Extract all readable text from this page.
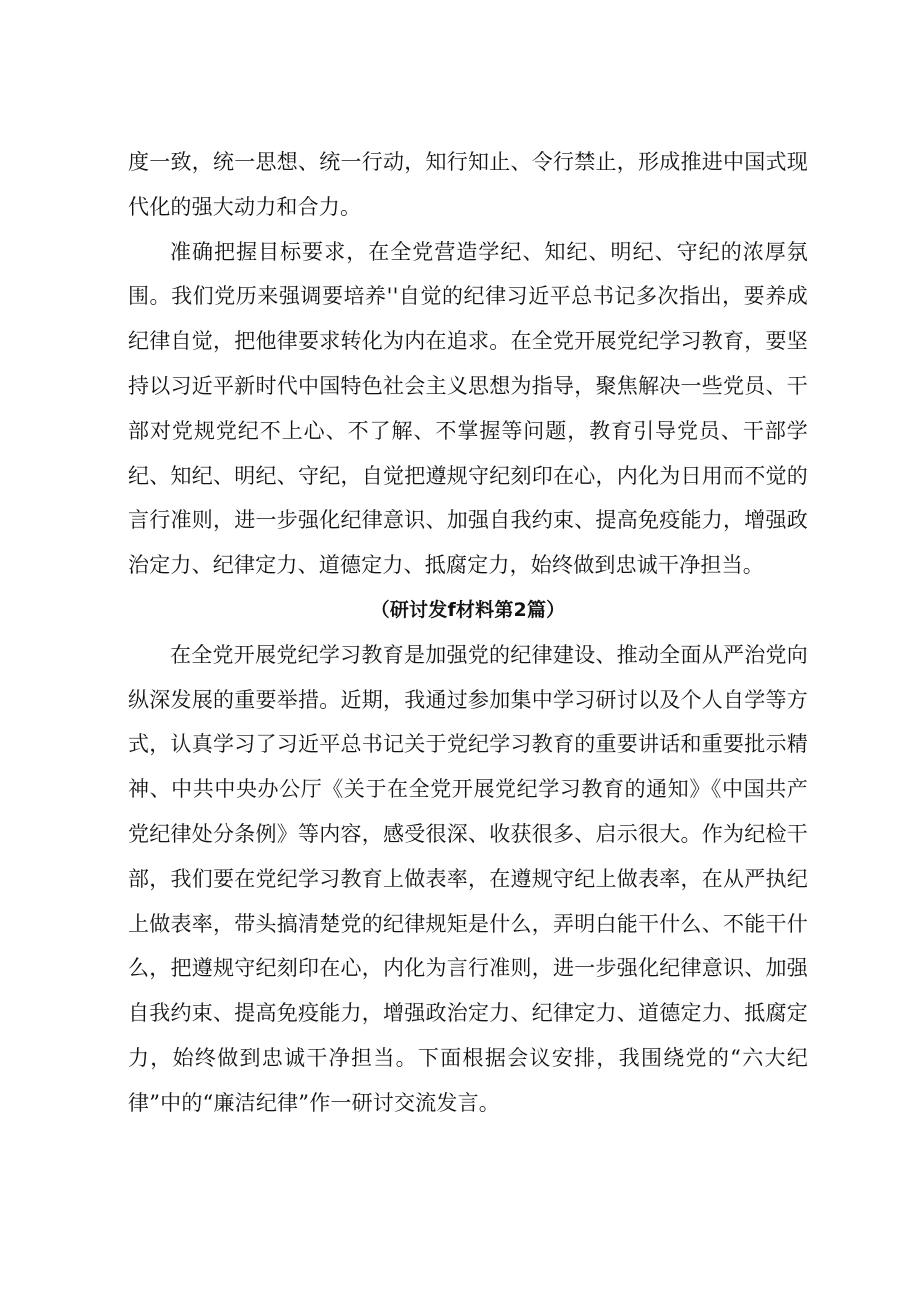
度一致，统一思想、统一行动，知行知止、令行禁止，形成推进中国式现代化的强大动力和合力。

准确把握目标要求，在全党营造学纪、知纪、明纪、守纪的浓厚氛围。我们党历来强调要培养''自觉的纪律习近平总书记多次指出，要养成纪律自觉，把他律要求转化为内在追求。在全党开展党纪学习教育，要坚持以习近平新时代中国特色社会主义思想为指导，聚焦解决一些党员、干部对党规党纪不上心、不了解、不掌握等问题，教育引导党员、干部学纪、知纪、明纪、守纪，自觉把遵规守纪刻印在心，内化为日用而不觉的言行准则，进一步强化纪律意识、加强自我约束、提高免疫能力，增强政治定力、纪律定力、道德定力、抵腐定力，始终做到忠诚干净担当。

（研讨发f材料第2篇）

在全党开展党纪学习教育是加强党的纪律建设、推动全面从严治党向纵深发展的重要举措。近期，我通过参加集中学习研讨以及个人自学等方式，认真学习了习近平总书记关于党纪学习教育的重要讲话和重要批示精神、中共中央办公厅《关于在全党开展党纪学习教育的通知》《中国共产党纪律处分条例》等内容，感受很深、收获很多、启示很大。作为纪检干部，我们要在党纪学习教育上做表率，在遵规守纪上做表率，在从严执纪上做表率，带头搞清楚党的纪律规矩是什么，弄明白能干什么、不能干什么，把遵规守纪刻印在心，内化为言行准则，进一步强化纪律意识、加强自我约束、提高免疫能力，增强政治定力、纪律定力、道德定力、抵腐定力，始终做到忠诚干净担当。下面根据会议安排，我围绕党的“六大纪律”中的“廉洁纪律”作一研讨交流发言。
